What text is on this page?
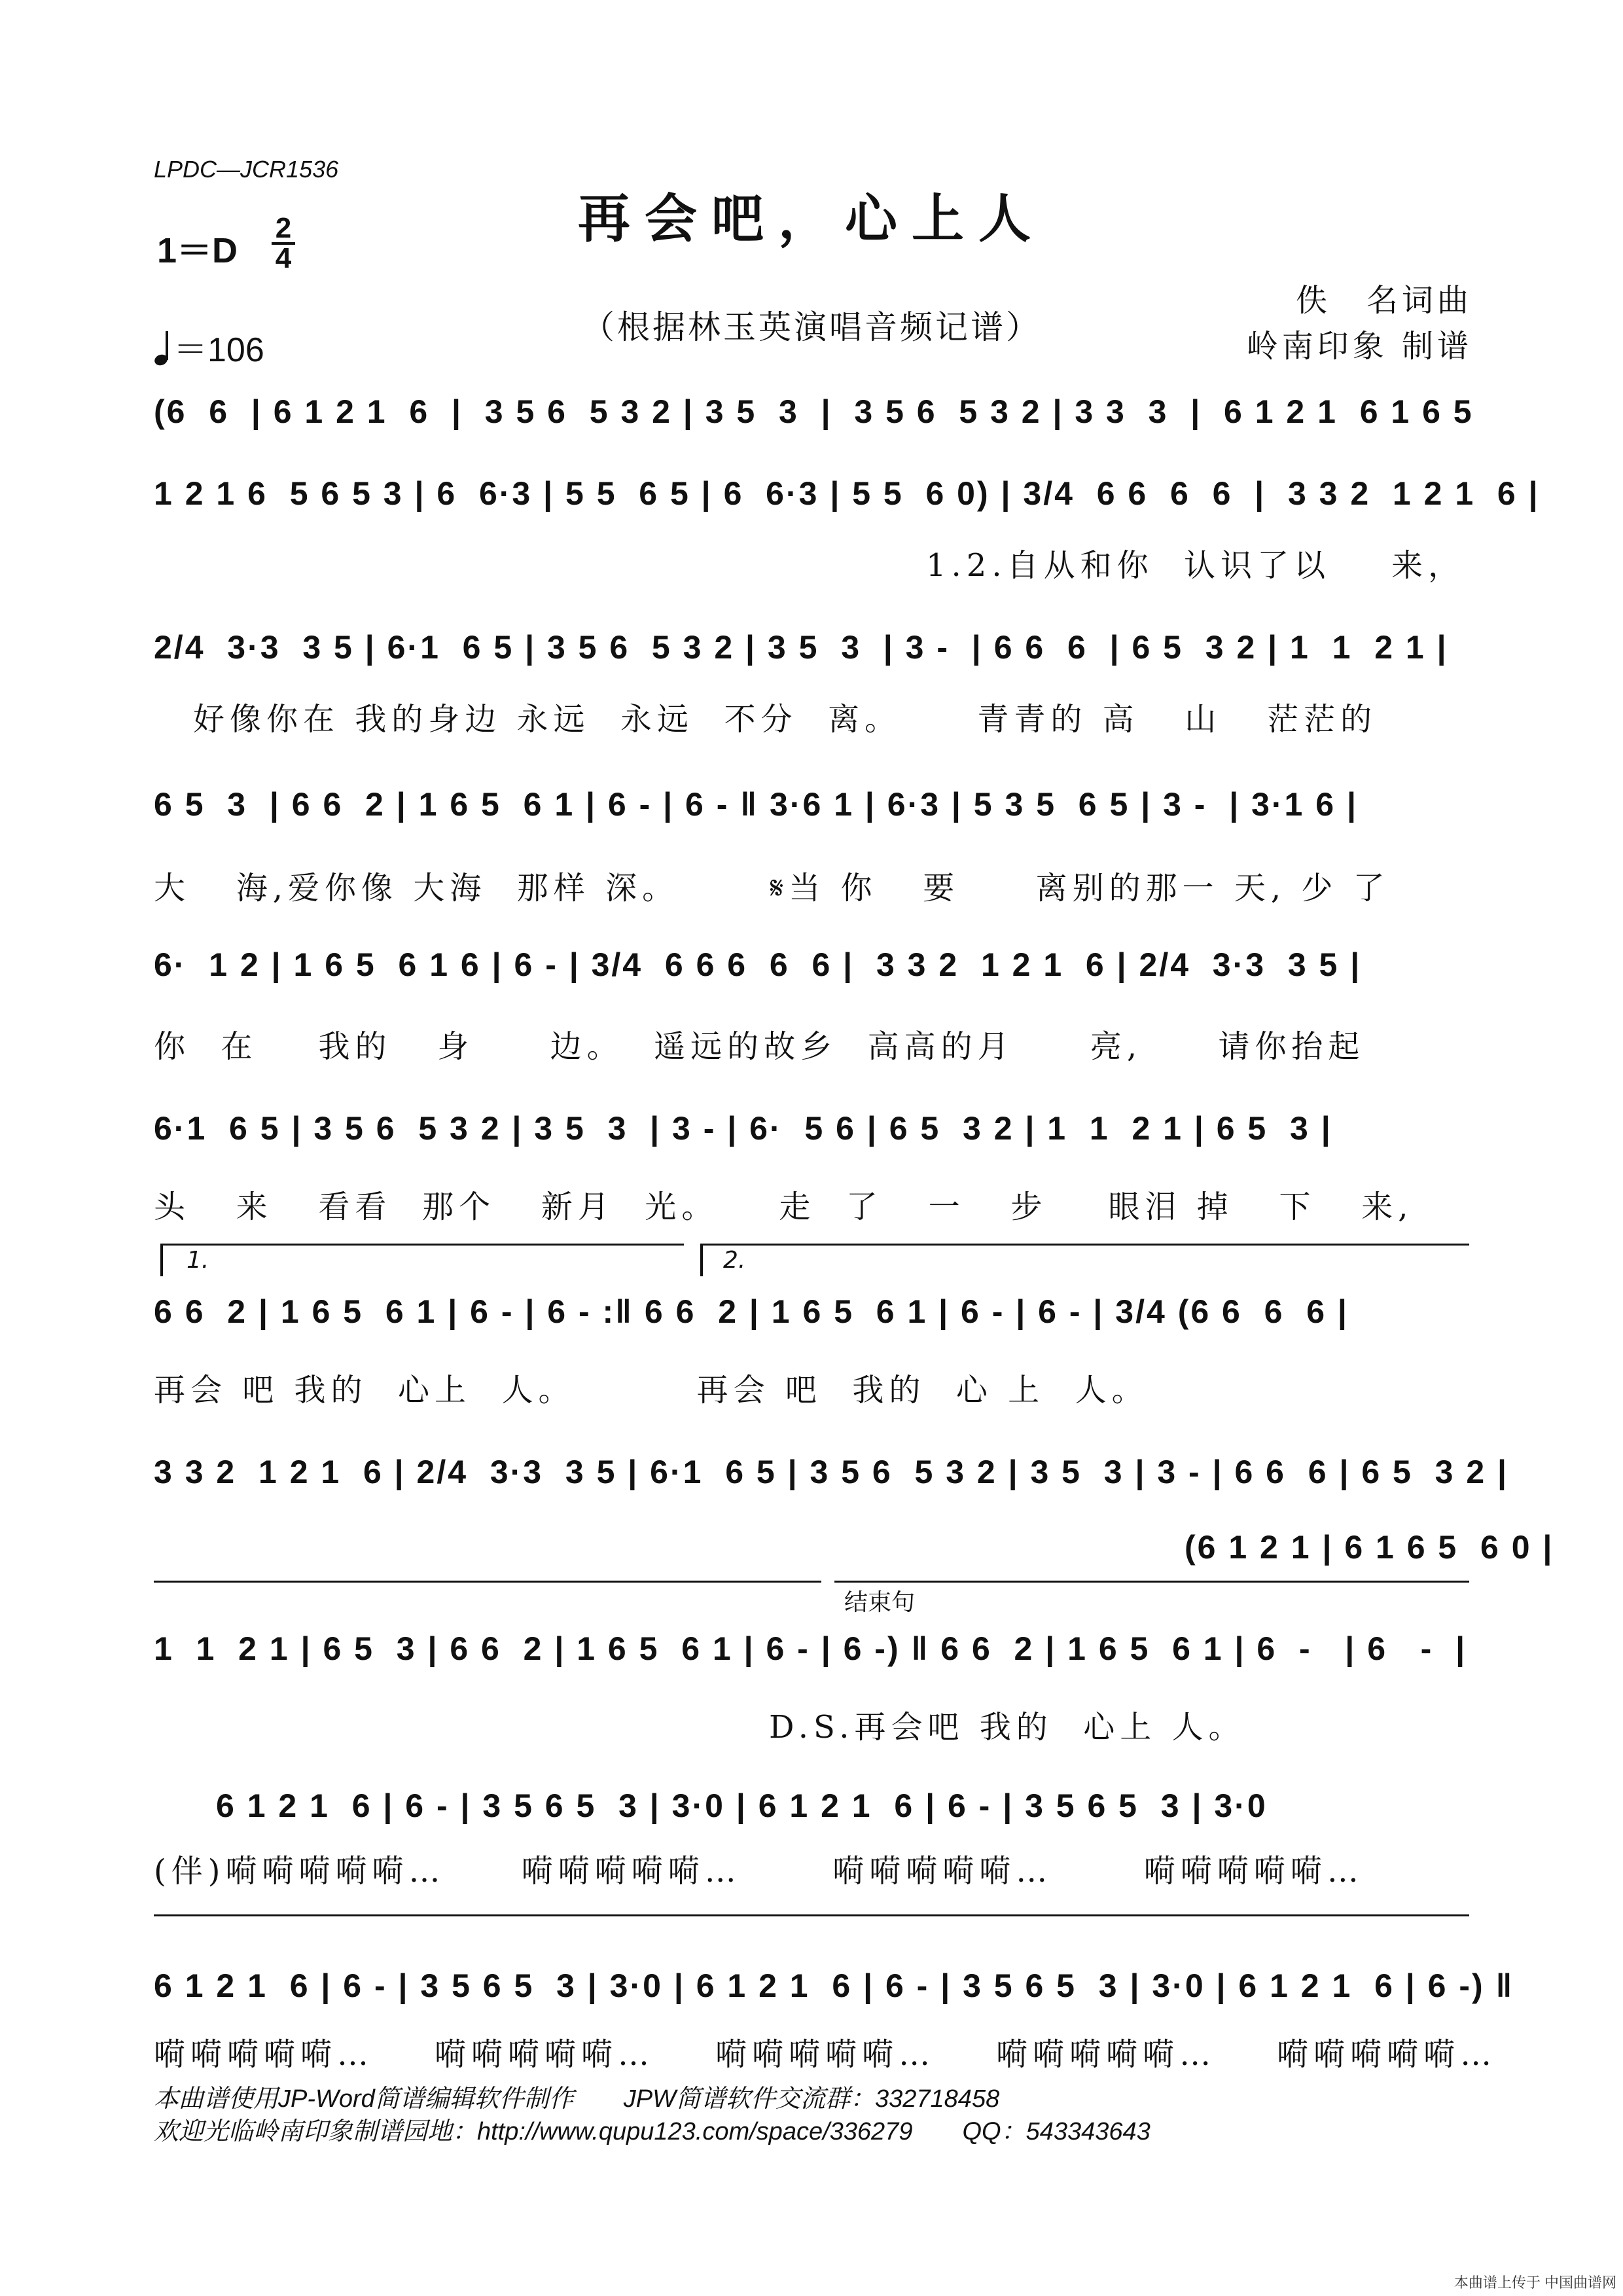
LPDC—JCR1536
再会吧，心上人
1＝D
2
4
＝106
（根据林玉英演唱音频记谱）
佚　名词曲
岭南印象 制谱
(6  6  | 6 1 2 1  6  |  3 5 6  5 3 2 | 3 5  3  |  3 5 6  5 3 2 | 3 3  3  |  6 1 2 1  6 1 6 5
1 2 1 6  5 6 5 3 | 6  6·3 | 5 5  6 5 | 6  6·3 | 5 5  6 0) | 3/4  6 6  6  6  |  3 3 2  1 2 1  6 |
1.2.自从和你  认识了以    来，
2/4  3·3  3 5 | 6·1  6 5 | 3 5 6  5 3 2 | 3 5  3  | 3 -  | 6 6  6  | 6 5  3 2 | 1  1  2 1 |
好像你在 我的身边 永远  永远  不分  离。     青青的 高   山   茫茫的
6 5  3  | 6 6  2 | 1 6 5  6 1 | 6 - | 6 - ‖ 3·6 1 | 6·3 | 5 3 5  6 5 | 3 -  | 3·1 6 |
大   海,爱你像 大海  那样 深。      𝄋当 你   要     离别的那一 天, 少 了
6·  1 2 | 1 6 5  6 1 6 | 6 - | 3/4  6 6 6  6  6 |  3 3 2  1 2 1  6 | 2/4  3·3  3 5 |
你  在    我的   身     边。  遥远的故乡  高高的月     亮,     请你抬起
6·1  6 5 | 3 5 6  5 3 2 | 3 5  3  | 3 - | 6·  5 6 | 6 5  3 2 | 1  1  2 1 | 6 5  3 |
头   来   看看  那个   新月  光。    走  了   一   步    眼泪 掉   下   来,
1.	2.
6 6  2 | 1 6 5  6 1 | 6 - | 6 - :‖ 6 6  2 | 1 6 5  6 1 | 6 - | 6 - | 3/4 (6 6  6  6 |
再会 吧 我的  心上  人。        再会 吧  我的  心 上  人。
3 3 2  1 2 1  6 | 2/4  3·3  3 5 | 6·1  6 5 | 3 5 6  5 3 2 | 3 5  3 | 3 - | 6 6  6 | 6 5  3 2 |
(6 1 2 1 | 6 1 6 5  6 0 |
结束句
1  1  2 1 | 6 5  3 | 6 6  2 | 1 6 5  6 1 | 6 - | 6 -) ‖ 6 6  2 | 1 6 5  6 1 | 6  -   | 6   -  |
D.S.再会吧 我的  心上 人。
6 1 2 1  6 | 6 - | 3 5 6 5  3 | 3·0 | 6 1 2 1  6 | 6 - | 3 5 6 5  3 | 3·0
(伴)嗬嗬嗬嗬嗬…     嗬嗬嗬嗬嗬…      嗬嗬嗬嗬嗬…      嗬嗬嗬嗬嗬…
6 1 2 1  6 | 6 - | 3 5 6 5  3 | 3·0 | 6 1 2 1  6 | 6 - | 3 5 6 5  3 | 3·0 | 6 1 2 1  6 | 6 -) ‖
嗬嗬嗬嗬嗬…    嗬嗬嗬嗬嗬…    嗬嗬嗬嗬嗬…    嗬嗬嗬嗬嗬…    嗬嗬嗬嗬嗬…
本曲谱使用JP-Word简谱编辑软件制作　　JPW简谱软件交流群：332718458
欢迎光临岭南印象制谱园地：http://www.qupu123.com/space/336279　　QQ：543343643
本曲谱上传于 中国曲谱网
